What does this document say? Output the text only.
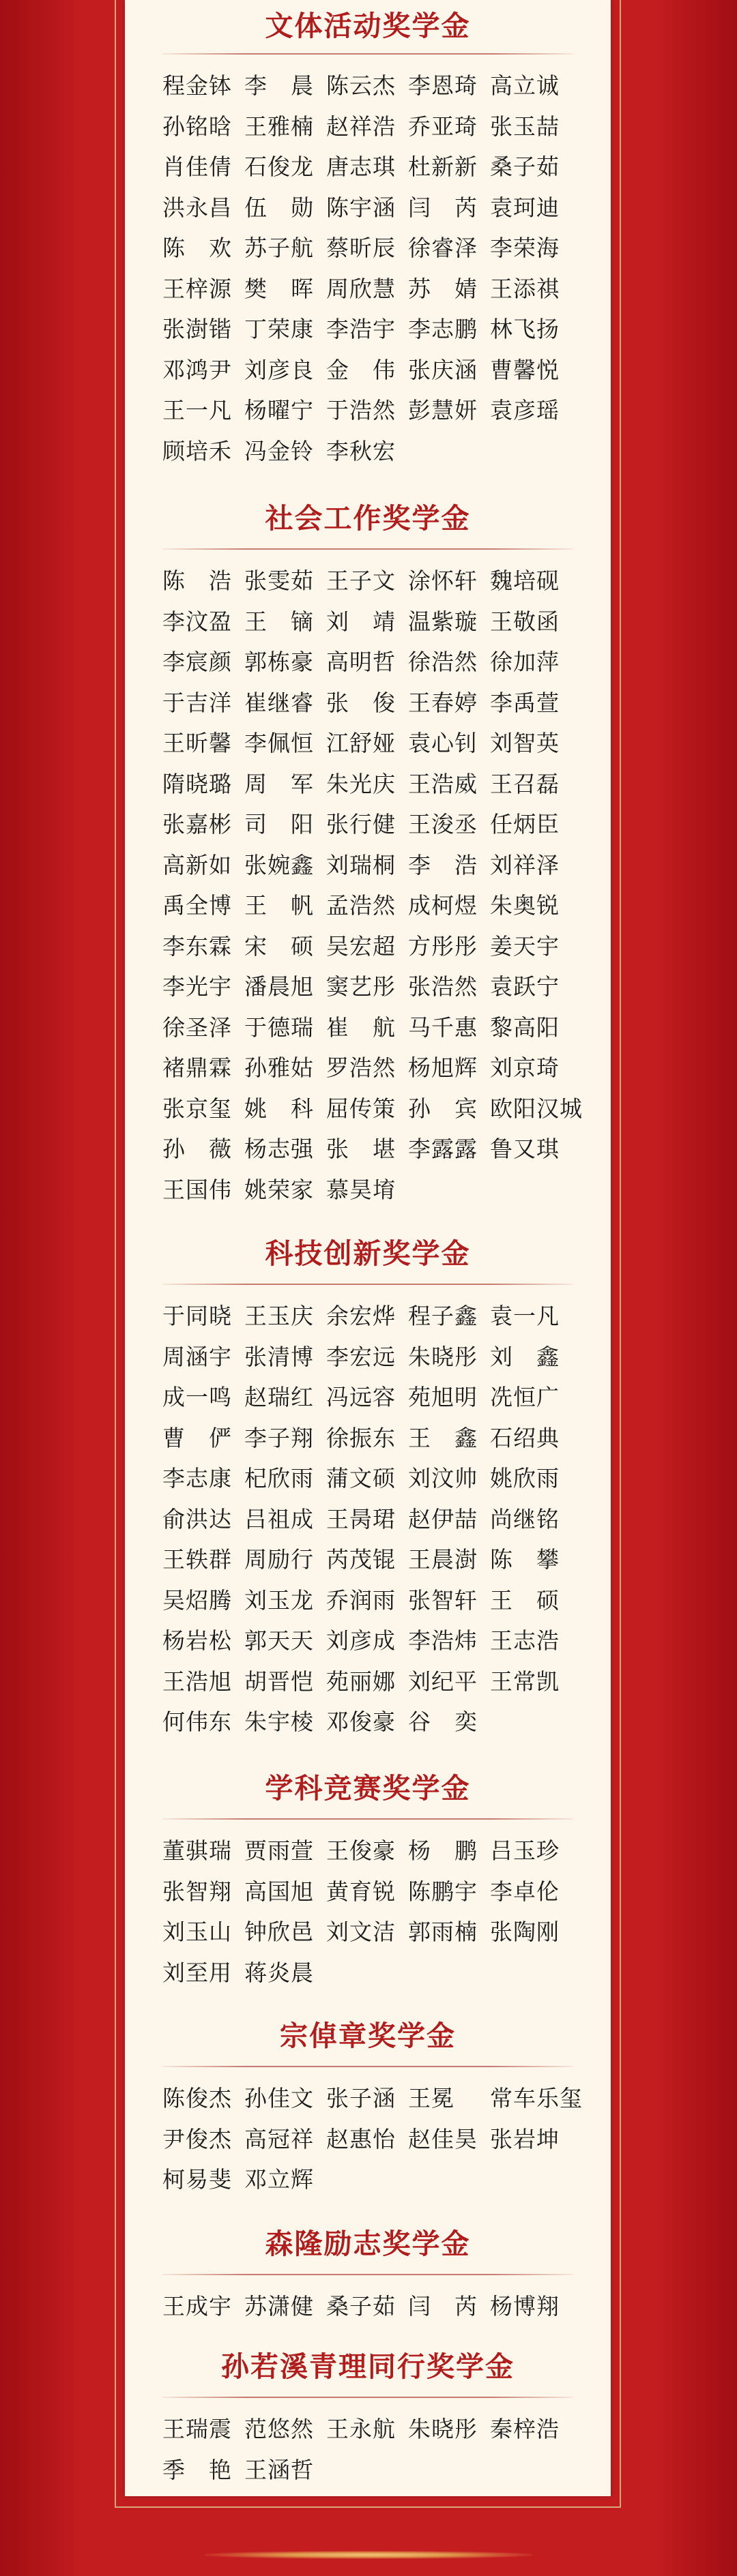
文体活动奖学金
程金钵 李　晨 陈云杰 李恩琦 高立诚
孙铭晗 王雅楠 赵祥浩 乔亚琦 张玉喆
肖佳倩 石俊龙 唐志琪 杜新新 桑子茹
洪永昌 伍　勋 陈宇涵 闫　芮 袁珂迪
陈　欢 苏子航 蔡昕辰 徐睿泽 李荣海
王梓源 樊　晖 周欣慧 苏　婧 王添祺
张澍锴 丁荣康 李浩宇 李志鹏 林飞扬
邓鸿尹 刘彦良 金　伟 张庆涵 曹馨悦
王一凡 杨曜宁 于浩然 彭慧妍 袁彦瑶
顾培禾 冯金铃 李秋宏
社会工作奖学金
陈　浩 张雯茹 王子文 涂怀轩 魏培砚
李汶盈 王　镝 刘　靖 温紫璇 王敬函
李宸颜 郭栋豪 高明哲 徐浩然 徐加萍
于吉洋 崔继睿 张　俊 王春婷 李禹萱
王昕馨 李佩恒 江舒娅 袁心钊 刘智英
隋晓璐 周　军 朱光庆 王浩威 王召磊
张嘉彬 司　阳 张行健 王浚丞 任炳臣
高新如 张婉鑫 刘瑞桐 李　浩 刘祥泽
禹全博 王　帆 孟浩然 成柯煜 朱奥锐
李东霖 宋　硕 吴宏超 方彤彤 姜天宇
李光宇 潘晨旭 窦艺彤 张浩然 袁跃宁
徐圣泽 于德瑞 崔　航 马千惠 黎高阳
褚鼎霖 孙雅姑 罗浩然 杨旭辉 刘京琦
张京玺 姚　科 屈传策 孙　宾 欧阳汉城
孙　薇 杨志强 张　堪 李露露 鲁又琪
王国伟 姚荣家 慕昊堉
科技创新奖学金
于同晓 王玉庆 余宏烨 程子鑫 袁一凡
周涵宇 张清博 李宏远 朱晓彤 刘　鑫
成一鸣 赵瑞红 冯远容 苑旭明 冼恒广
曹　俨 李子翔 徐振东 王　鑫 石绍典
李志康 杞欣雨 蒲文硕 刘汶帅 姚欣雨
俞洪达 吕祖成 王昺珺 赵伊喆 尚继铭
王轶群 周励行 芮茂锟 王晨澍 陈　攀
吴炤腾 刘玉龙 乔润雨 张智轩 王　硕
杨岩松 郭天天 刘彦成 李浩炜 王志浩
王浩旭 胡晋恺 苑丽娜 刘纪平 王常凯
何伟东 朱宇棱 邓俊豪 谷　奕
学科竞赛奖学金
董骐瑞 贾雨萱 王俊豪 杨　鹏 吕玉珍
张智翔 高国旭 黄育锐 陈鹏宇 李卓伦
刘玉山 钟欣邑 刘文洁 郭雨楠 张陶刚
刘至用 蒋炎晨
宗倬章奖学金
陈俊杰 孙佳文 张子涵 王冕	常车乐玺
尹俊杰 高冠祥 赵惠怡 赵佳昊 张岩坤
柯易斐 邓立辉
森隆励志奖学金
王成宇 苏潇健 桑子茹 闫　芮 杨博翔
孙若溪青理同行奖学金
王瑞震 范悠然 王永航 朱晓彤 秦梓浩
季　艳 王涵哲
